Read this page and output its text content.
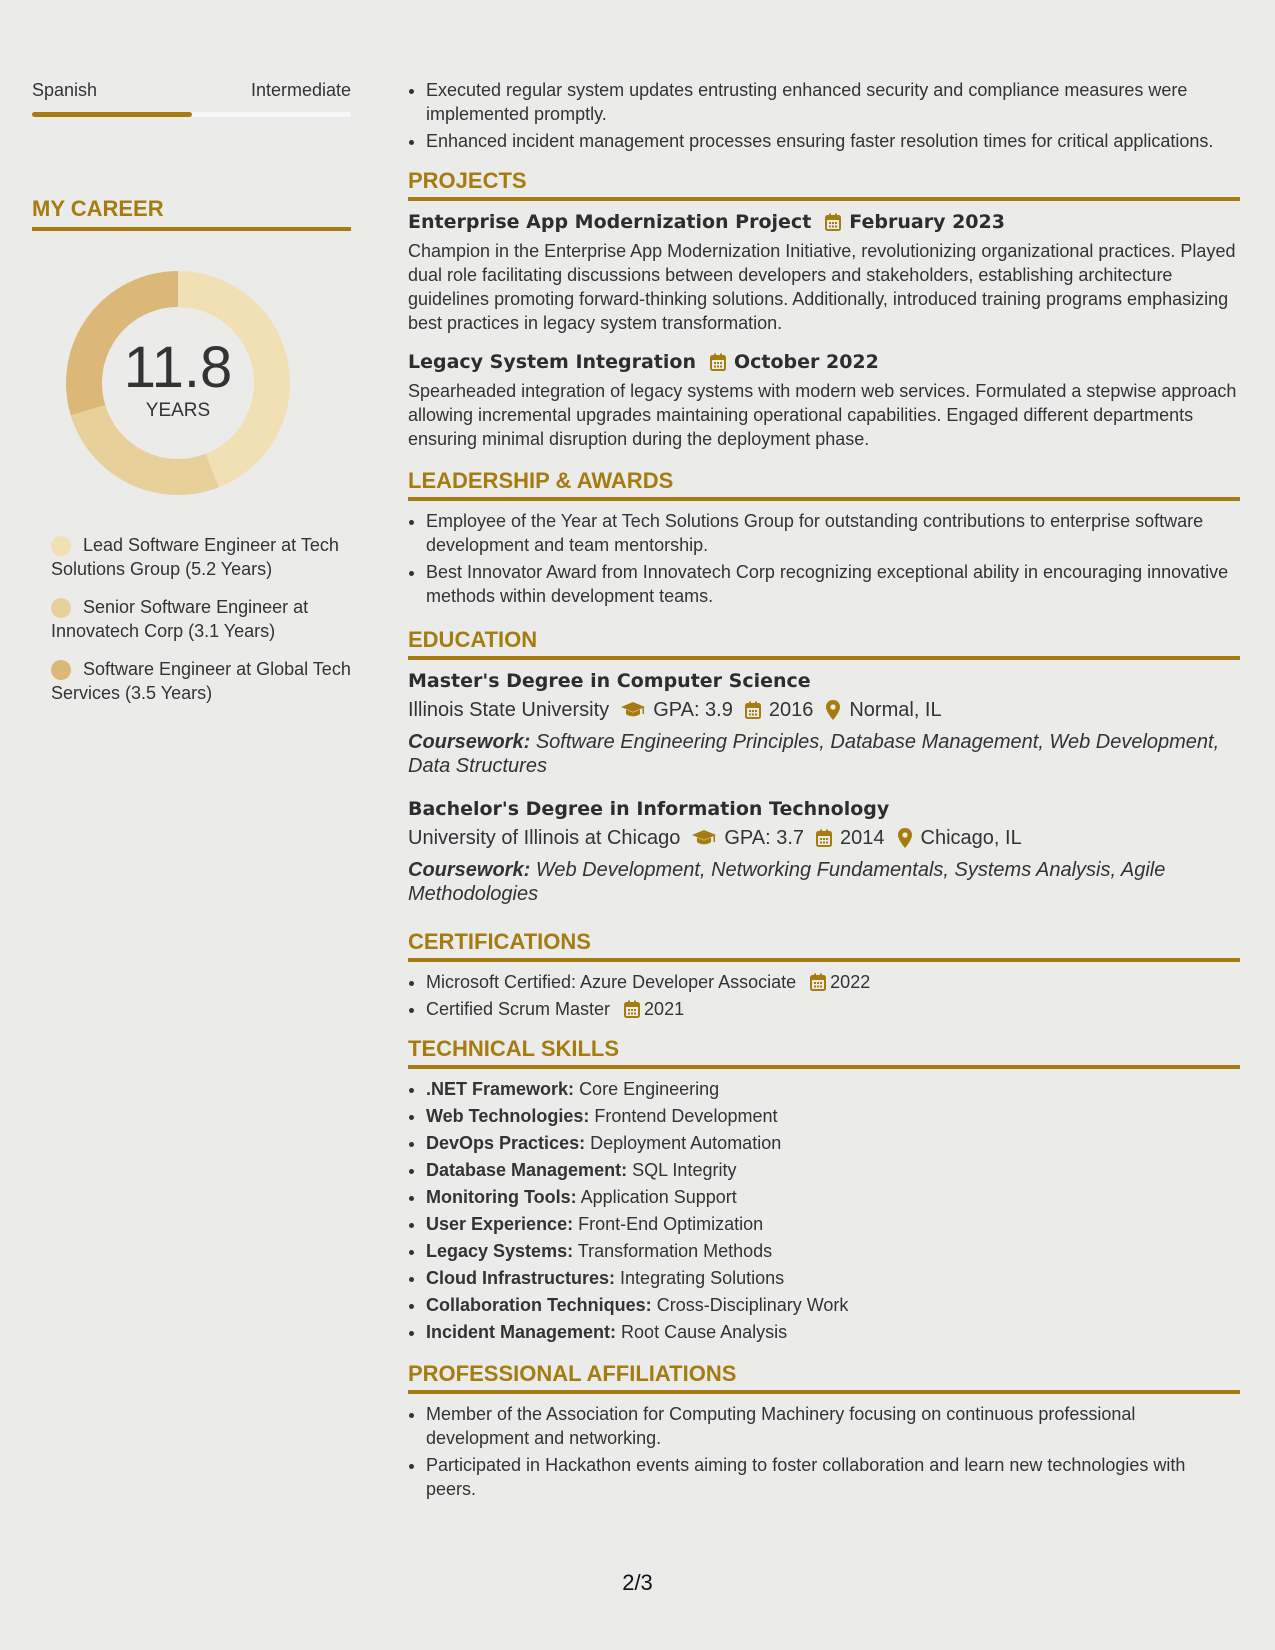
Spanish	Intermediate
MY CAREER
11.8
YEARS
Lead Software Engineer at Tech Solutions Group (5.2 Years)
Senior Software Engineer at Innovatech Corp (3.1 Years)
Software Engineer at Global Tech Services (3.5 Years)
• Executed regular system updates entrusting enhanced security and compliance measures were implemented promptly.
• Enhanced incident management processes ensuring faster resolution times for critical applications.
PROJECTS
Enterprise App Modernization Project February 2023
Champion in the Enterprise App Modernization Initiative, revolutionizing organizational practices. Played dual role facilitating discussions between developers and stakeholders, establishing architecture guidelines promoting forward-thinking solutions. Additionally, introduced training programs emphasizing best practices in legacy system transformation.
Legacy System Integration October 2022
Spearheaded integration of legacy systems with modern web services. Formulated a stepwise approach allowing incremental upgrades maintaining operational capabilities. Engaged different departments ensuring minimal disruption during the deployment phase.
LEADERSHIP & AWARDS
• Employee of the Year at Tech Solutions Group for outstanding contributions to enterprise software development and team mentorship.
• Best Innovator Award from Innovatech Corp recognizing exceptional ability in encouraging innovative methods within development teams.
EDUCATION
Master's Degree in Computer Science
Illinois State University GPA: 3.9 2016 Normal, IL
Coursework: Software Engineering Principles, Database Management, Web Development, Data Structures
Bachelor's Degree in Information Technology
University of Illinois at Chicago GPA: 3.7 2014 Chicago, IL
Coursework: Web Development, Networking Fundamentals, Systems Analysis, Agile Methodologies
CERTIFICATIONS
• Microsoft Certified: Azure Developer Associate 2022
• Certified Scrum Master 2021
TECHNICAL SKILLS
• .NET Framework: Core Engineering
• Web Technologies: Frontend Development
• DevOps Practices: Deployment Automation
• Database Management: SQL Integrity
• Monitoring Tools: Application Support
• User Experience: Front-End Optimization
• Legacy Systems: Transformation Methods
• Cloud Infrastructures: Integrating Solutions
• Collaboration Techniques: Cross-Disciplinary Work
• Incident Management: Root Cause Analysis
PROFESSIONAL AFFILIATIONS
• Member of the Association for Computing Machinery focusing on continuous professional development and networking.
• Participated in Hackathon events aiming to foster collaboration and learn new technologies with peers.
2/3
